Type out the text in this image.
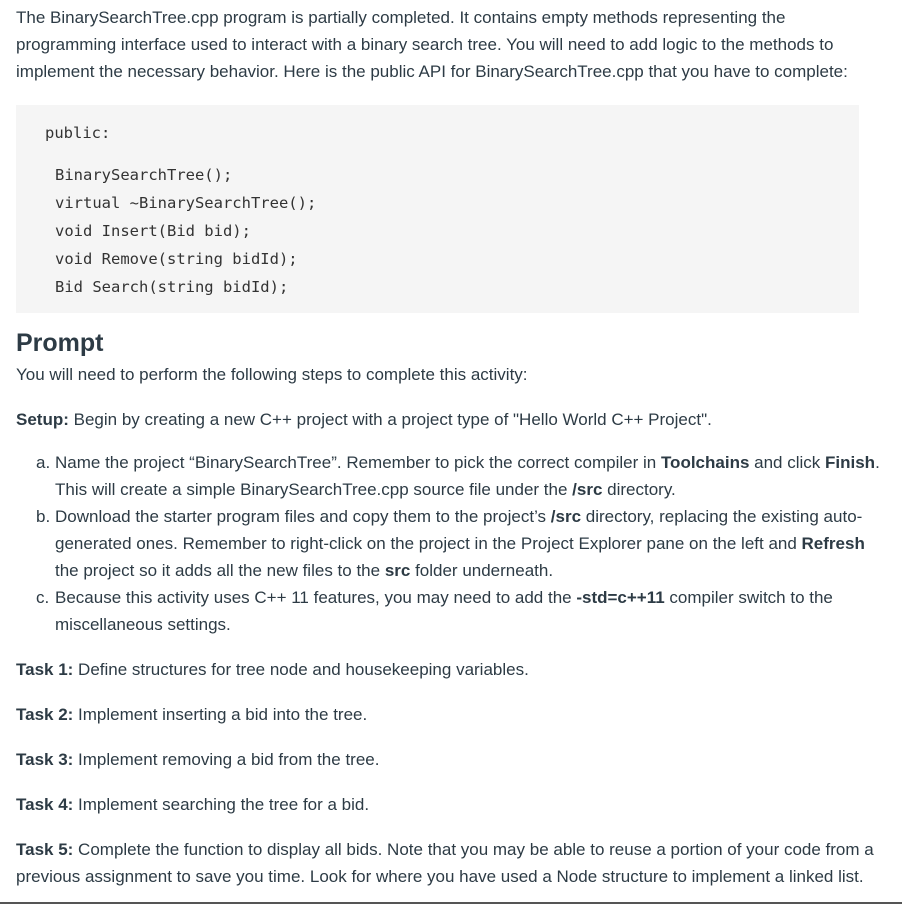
The BinarySearchTree.cpp program is partially completed. It contains empty methods representing the programming interface used to interact with a binary search tree. You will need to add logic to the methods to implement the necessary behavior. Here is the public API for BinarySearchTree.cpp that you have to complete:

public:
BinarySearchTree();
virtual ~BinarySearchTree();
void Insert(Bid bid);
void Remove(string bidId);
Bid Search(string bidId);
Prompt

You will need to perform the following steps to complete this activity:

Setup: Begin by creating a new C++ project with a project type of "Hello World C++ Project".

a. Name the project “BinarySearchTree”. Remember to pick the correct compiler in Toolchains and click Finish. This will create a simple BinarySearchTree.cpp source file under the /src directory.
b. Download the starter program files and copy them to the project’s /src directory, replacing the existing auto-generated ones. Remember to right-click on the project in the Project Explorer pane on the left and Refresh the project so it adds all the new files to the src folder underneath.
c. Because this activity uses C++ 11 features, you may need to add the -std=c++11 compiler switch to the miscellaneous settings.

Task 1: Define structures for tree node and housekeeping variables.

Task 2: Implement inserting a bid into the tree.

Task 3: Implement removing a bid from the tree.

Task 4: Implement searching the tree for a bid.

Task 5: Complete the function to display all bids. Note that you may be able to reuse a portion of your code from a previous assignment to save you time. Look for where you have used a Node structure to implement a linked list.
